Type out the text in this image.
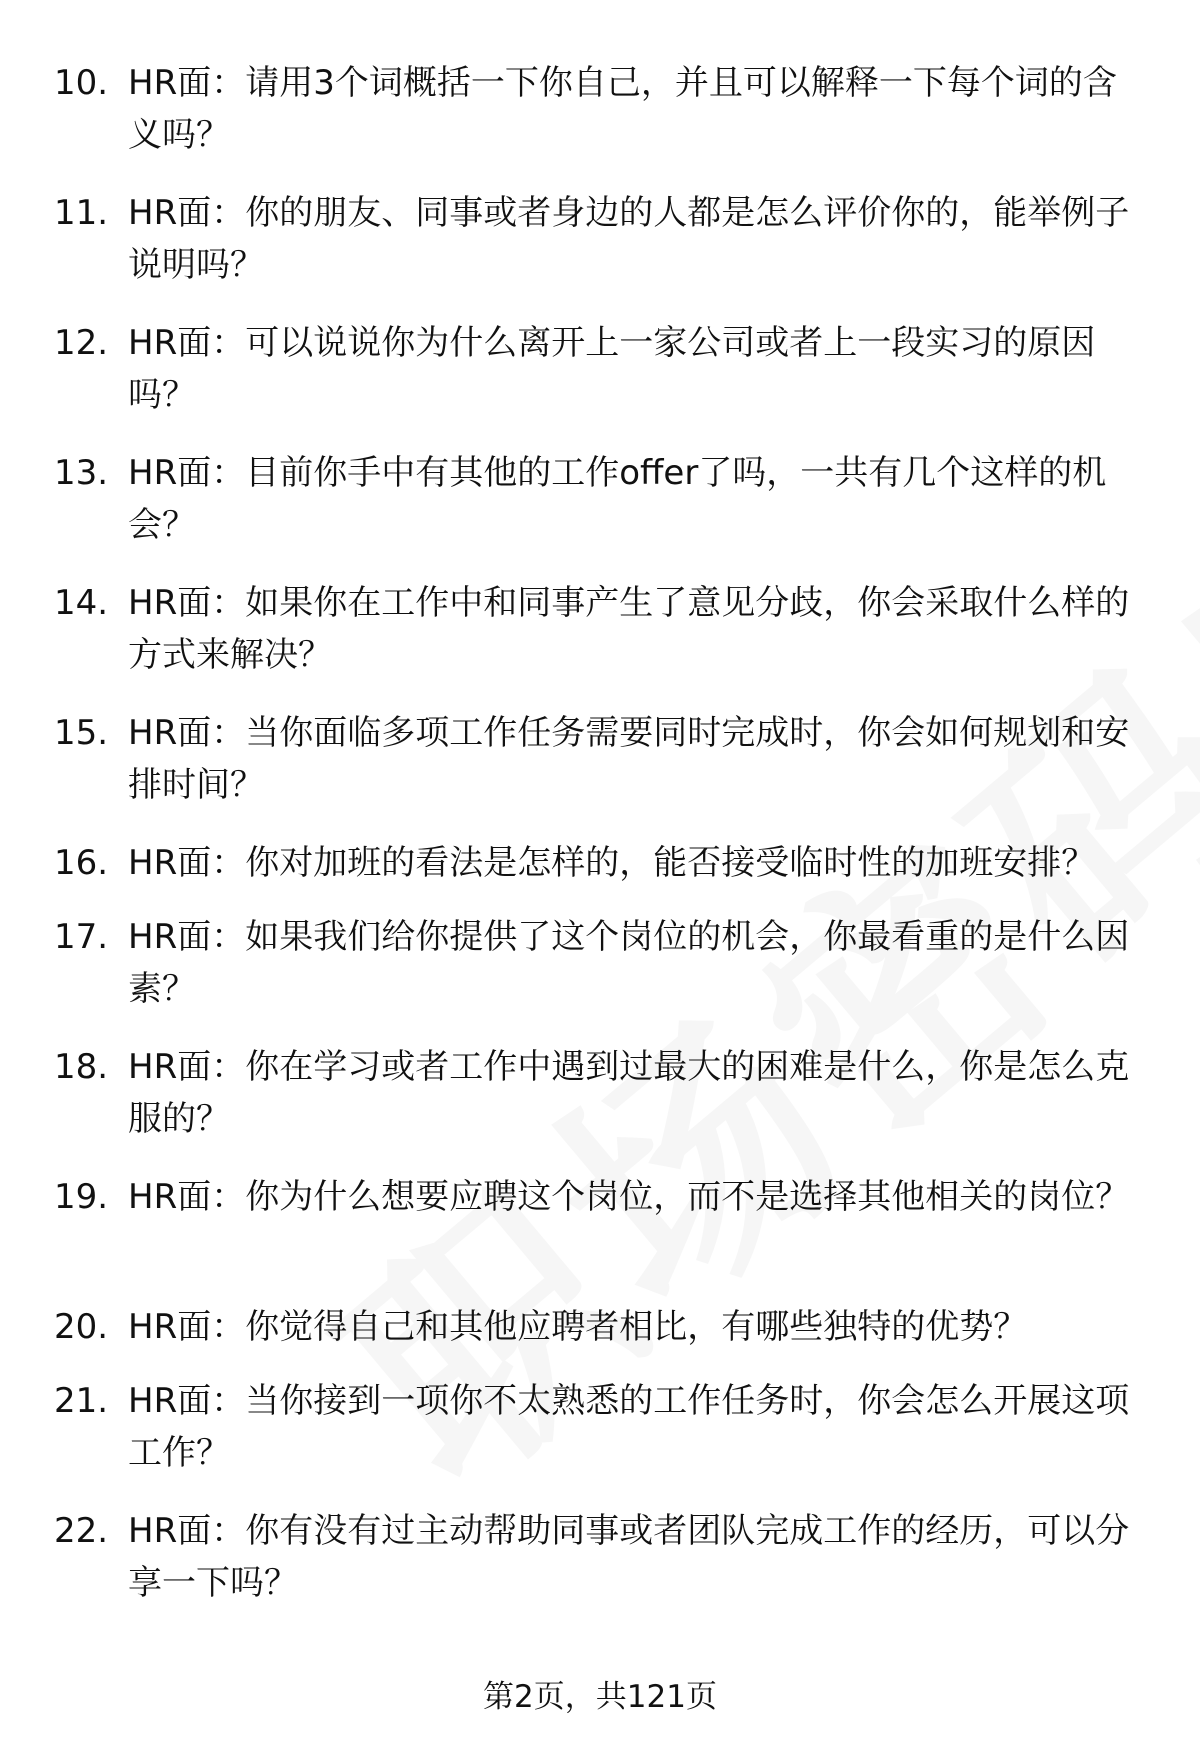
10. HR面：请用3个词概括一下你自己，并且可以解释一下每个词的含义吗？
11. HR面：你的朋友、同事或者身边的人都是怎么评价你的，能举例子说明吗？
12. HR面：可以说说你为什么离开上一家公司或者上一段实习的原因吗？
13. HR面：目前你手中有其他的工作offer了吗，一共有几个这样的机会？
14. HR面：如果你在工作中和同事产生了意见分歧，你会采取什么样的方式来解决？
15. HR面：当你面临多项工作任务需要同时完成时，你会如何规划和安排时间？
16. HR面：你对加班的看法是怎样的，能否接受临时性的加班安排？
17. HR面：如果我们给你提供了这个岗位的机会，你最看重的是什么因素？
18. HR面：你在学习或者工作中遇到过最大的困难是什么，你是怎么克服的？
19. HR面：你为什么想要应聘这个岗位，而不是选择其他相关的岗位？
20. HR面：你觉得自己和其他应聘者相比，有哪些独特的优势？
21. HR面：当你接到一项你不太熟悉的工作任务时，你会怎么开展这项工作？
22. HR面：你有没有过主动帮助同事或者团队完成工作的经历，可以分享一下吗？
第2页，共121页
